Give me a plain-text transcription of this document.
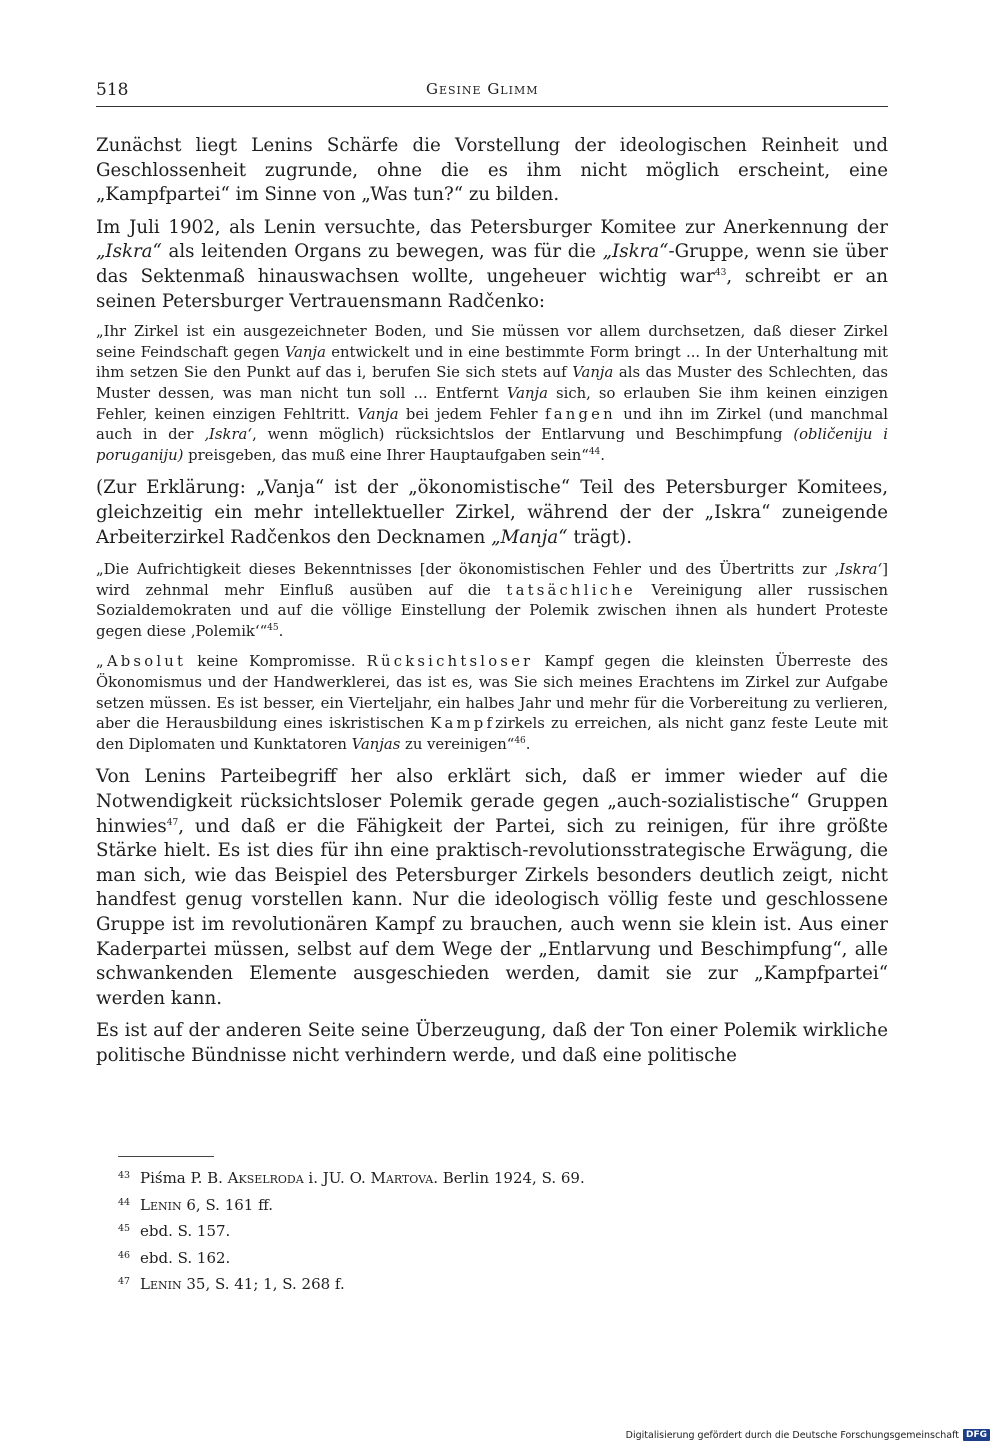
518	Gesine Glimm

Zunächst liegt Lenins Schärfe die Vorstellung der ideologischen Reinheit und Geschlossenheit zugrunde, ohne die es ihm nicht möglich erscheint, eine „Kampfpartei“ im Sinne von „Was tun?“ zu bilden.

Im Juli 1902, als Lenin versuchte, das Petersburger Komitee zur Anerkennung der „Iskra“ als leitenden Organs zu bewegen, was für die „Iskra“-Gruppe, wenn sie über das Sektenmaß hinauswachsen wollte, ungeheuer wichtig war$^{43}$, schreibt er an seinen Petersburger Vertrauensmann Radčenko:

„Ihr Zirkel ist ein ausgezeichneter Boden, und Sie müssen vor allem durchsetzen, daß dieser Zirkel seine Feindschaft gegen Vanja entwickelt und in eine bestimmte Form bringt ... In der Unterhaltung mit ihm setzen Sie den Punkt auf das i, berufen Sie sich stets auf Vanja als das Muster des Schlechten, das Muster dessen, was man nicht tun soll ... Entfernt Vanja sich, so erlauben Sie ihm keinen einzigen Fehler, keinen einzigen Fehltritt. Vanja bei jedem Fehler fangen und ihn im Zirkel (und manchmal auch in der ‚Iskra‘, wenn möglich) rücksichtslos der Entlarvung und Beschimpfung (obličeniju i poruganiju) preisgeben, das muß eine Ihrer Hauptaufgaben sein“$^{44}$.

(Zur Erklärung: „Vanja“ ist der „ökonomistische“ Teil des Petersburger Komitees, gleichzeitig ein mehr intellektueller Zirkel, während der der „Iskra“ zuneigende Arbeiterzirkel Radčenkos den Decknamen „Manja“ trägt).

„Die Aufrichtigkeit dieses Bekenntnisses [der ökonomistischen Fehler und des Übertritts zur ‚Iskra‘] wird zehnmal mehr Einfluß ausüben auf die tatsächliche Vereinigung aller russischen Sozialdemokraten und auf die völlige Einstellung der Polemik zwischen ihnen als hundert Proteste gegen diese ‚Polemik‘“$^{45}$.

„Absolut keine Kompromisse. Rücksichtsloser Kampf gegen die kleinsten Überreste des Ökonomismus und der Handwerklerei, das ist es, was Sie sich meines Erachtens im Zirkel zur Aufgabe setzen müssen. Es ist besser, ein Vierteljahr, ein halbes Jahr und mehr für die Vorbereitung zu verlieren, aber die Herausbildung eines iskristischen Kampfzirkels zu erreichen, als nicht ganz feste Leute mit den Diplomaten und Kunktatoren Vanjas zu vereinigen“$^{46}$.

Von Lenins Parteibegriff her also erklärt sich, daß er immer wieder auf die Notwendigkeit rücksichtsloser Polemik gerade gegen „auch-sozialistische“ Gruppen hinwies$^{47}$, und daß er die Fähigkeit der Partei, sich zu reinigen, für ihre größte Stärke hielt. Es ist dies für ihn eine praktisch-revolutionsstrategische Erwägung, die man sich, wie das Beispiel des Petersburger Zirkels besonders deutlich zeigt, nicht handfest genug vorstellen kann. Nur die ideologisch völlig feste und geschlossene Gruppe ist im revolutionären Kampf zu brauchen, auch wenn sie klein ist. Aus einer Kaderpartei müssen, selbst auf dem Wege der „Entlarvung und Beschimpfung“, alle schwankenden Elemente ausgeschieden werden, damit sie zur „Kampfpartei“ werden kann.

Es ist auf der anderen Seite seine Überzeugung, daß der Ton einer Polemik wirkliche politische Bündnisse nicht verhindern werde, und daß eine politische

43 Piśma P. B. Akselroda i. JU. O. Martova. Berlin 1924, S. 69.

44 Lenin 6, S. 161 ff.

45 ebd. S. 157.

46 ebd. S. 162.

47 Lenin 35, S. 41; 1, S. 268 f.

Digitalisierung gefördert durch die Deutsche Forschungsgemeinschaft DFG
